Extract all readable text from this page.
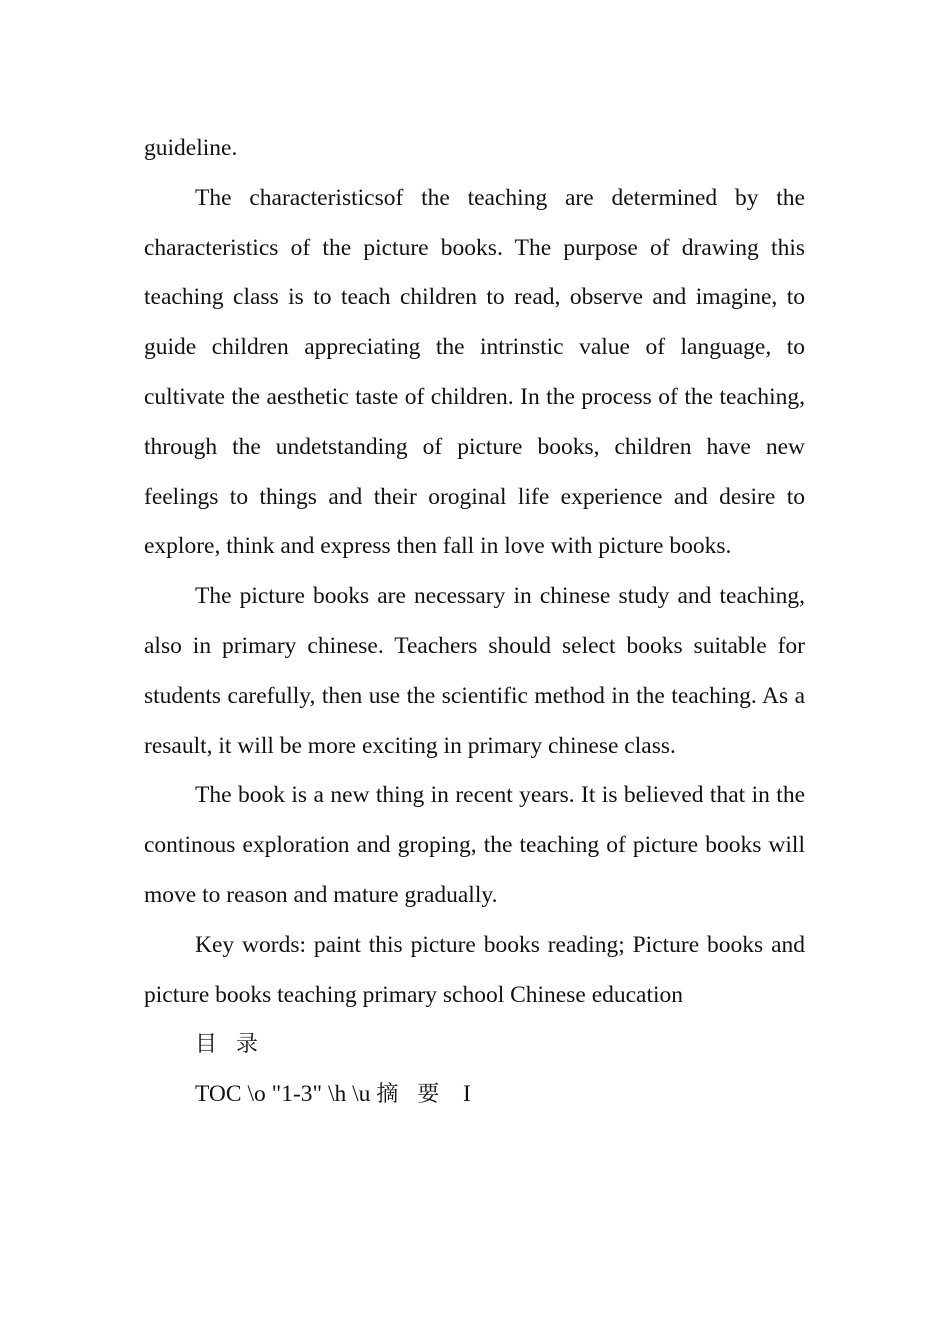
guideline.

The characteristicsof the teaching are determined by the characteristics of the picture books. The purpose of drawing this teaching class is to teach children to read, observe and imagine, to guide children appreciating the intrinstic value of language, to cultivate the aesthetic taste of children. In the process of the teaching, through the undetstanding of picture books, children have new feelings to things and their oroginal life experience and desire to explore, think and express then fall in love with picture books.

The picture books are necessary in chinese study and teaching, also in primary chinese. Teachers should select books suitable for students carefully, then use the scientific method in the teaching. As a resault, it will be more exciting in primary chinese class.

The book is a new thing in recent years. It is believed that in the continous exploration and groping, the teaching of picture books will move to reason and mature gradually.

Key words: paint this picture books reading; Picture books and picture books teaching primary school Chinese education

目 录

TOC \o "1-3" \h \u 摘 要 I
